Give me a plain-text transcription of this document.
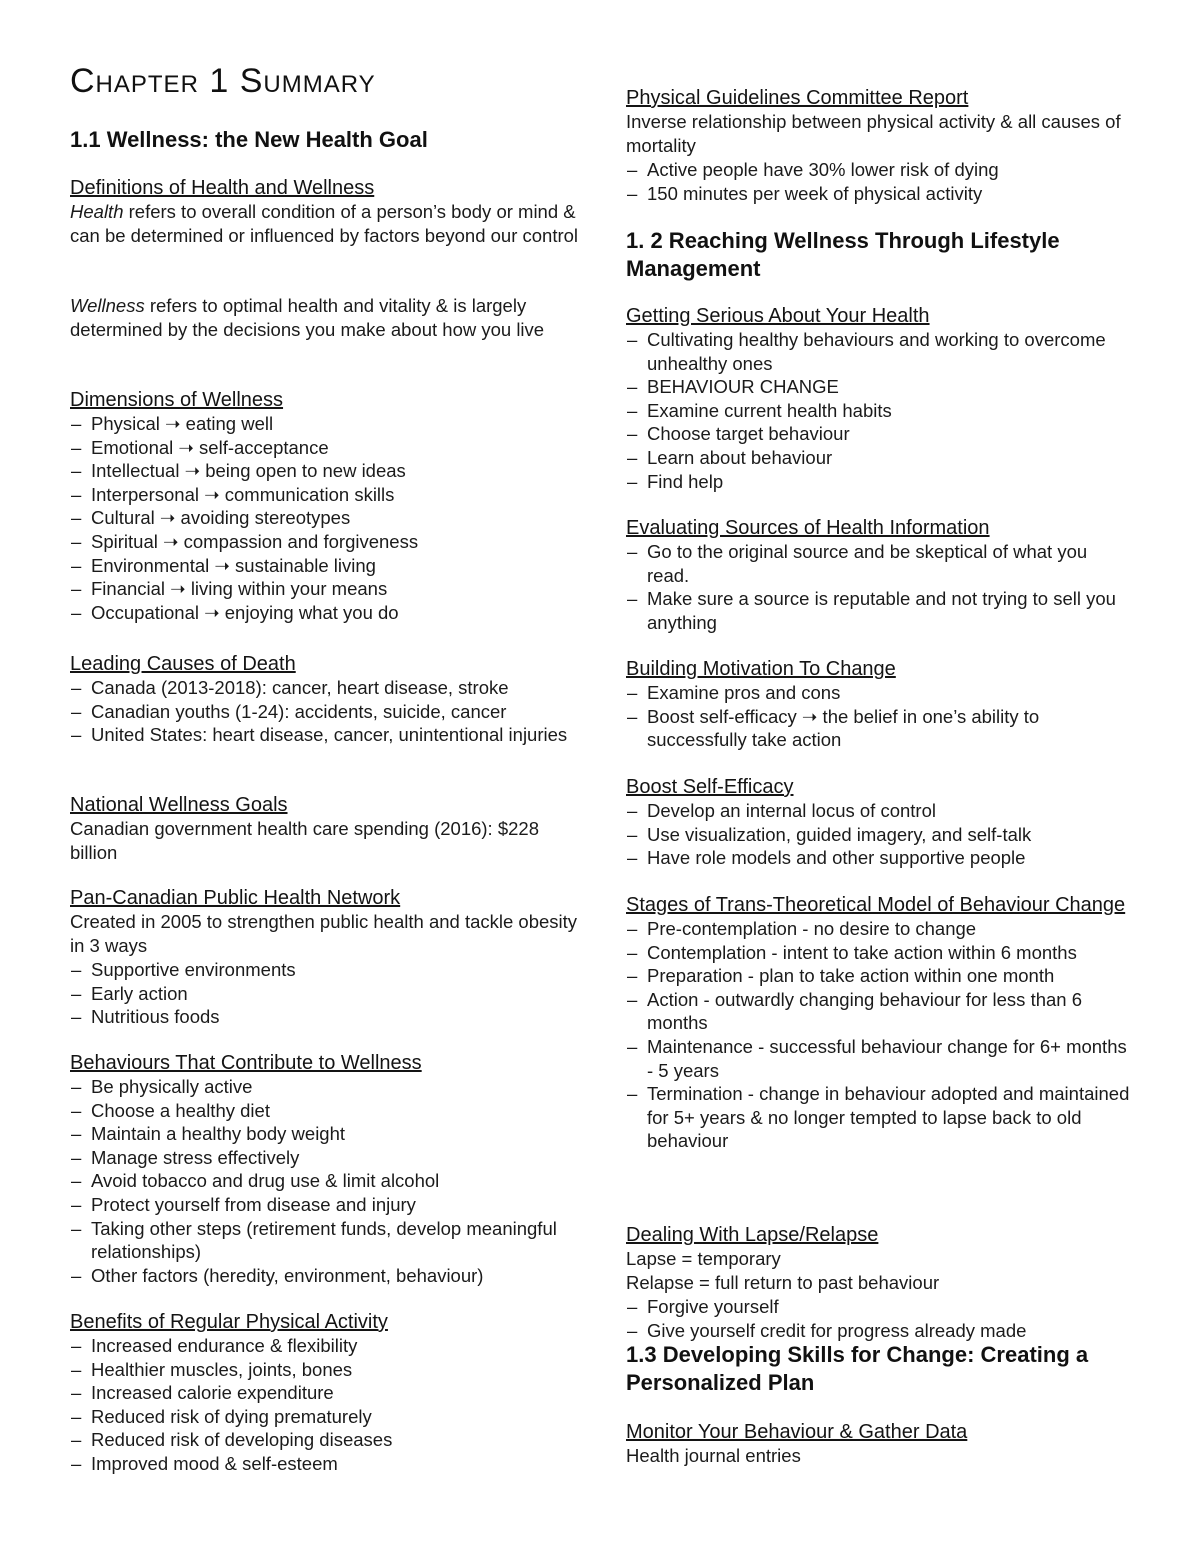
Chapter 1 Summary
1.1 Wellness: the New Health Goal

Definitions of Health and Wellness

Health refers to overall condition of a person’s body or mind & can be determined or influenced by factors beyond our control

Wellness refers to optimal health and vitality & is largely determined by the decisions you make about how you live

Dimensions of Wellness

– Physical ➝ eating well
– Emotional ➝ self-acceptance
– Intellectual ➝ being open to new ideas
– Interpersonal ➝ communication skills
– Cultural ➝ avoiding stereotypes
– Spiritual ➝ compassion and forgiveness
– Environmental ➝ sustainable living
– Financial ➝ living within your means
– Occupational ➝ enjoying what you do

Leading Causes of Death

– Canada (2013-2018): cancer, heart disease, stroke
– Canadian youths (1-24): accidents, suicide, cancer
– United States: heart disease, cancer, unintentional injuries

National Wellness Goals

Canadian government health care spending (2016): $228 billion

Pan-Canadian Public Health Network

Created in 2005 to strengthen public health and tackle obesity in 3 ways

– Supportive environments
– Early action
– Nutritious foods

Behaviours That Contribute to Wellness

– Be physically active
– Choose a healthy diet
– Maintain a healthy body weight
– Manage stress effectively
– Avoid tobacco and drug use & limit alcohol
– Protect yourself from disease and injury
– Taking other steps (retirement funds, develop meaningful relationships)
– Other factors (heredity, environment, behaviour)

Benefits of Regular Physical Activity

– Increased endurance & flexibility
– Healthier muscles, joints, bones
– Increased calorie expenditure
– Reduced risk of dying prematurely
– Reduced risk of developing diseases
– Improved mood & self-esteem

Physical Guidelines Committee Report

Inverse relationship between physical activity & all causes of mortality

– Active people have 30% lower risk of dying
– 150 minutes per week of physical activity
1. 2 Reaching Wellness Through Lifestyle Management

Getting Serious About Your Health

– Cultivating healthy behaviours and working to overcome unhealthy ones
– BEHAVIOUR CHANGE
– Examine current health habits
– Choose target behaviour
– Learn about behaviour
– Find help

Evaluating Sources of Health Information

– Go to the original source and be skeptical of what you read.
– Make sure a source is reputable and not trying to sell you anything

Building Motivation To Change

– Examine pros and cons
– Boost self-efficacy ➝ the belief in one’s ability to successfully take action

Boost Self-Efficacy

– Develop an internal locus of control
– Use visualization, guided imagery, and self-talk
– Have role models and other supportive people

Stages of Trans-Theoretical Model of Behaviour Change

– Pre-contemplation - no desire to change
– Contemplation - intent to take action within 6 months
– Preparation - plan to take action within one month
– Action - outwardly changing behaviour for less than 6 months
– Maintenance - successful behaviour change for 6+ months - 5 years
– Termination - change in behaviour adopted and maintained for 5+ years & no longer tempted to lapse back to old behaviour

Dealing With Lapse/Relapse

Lapse = temporary

Relapse = full return to past behaviour

– Forgive yourself
– Give yourself credit for progress already made
1.3 Developing Skills for Change: Creating a Personalized Plan

Monitor Your Behaviour & Gather Data

Health journal entries
